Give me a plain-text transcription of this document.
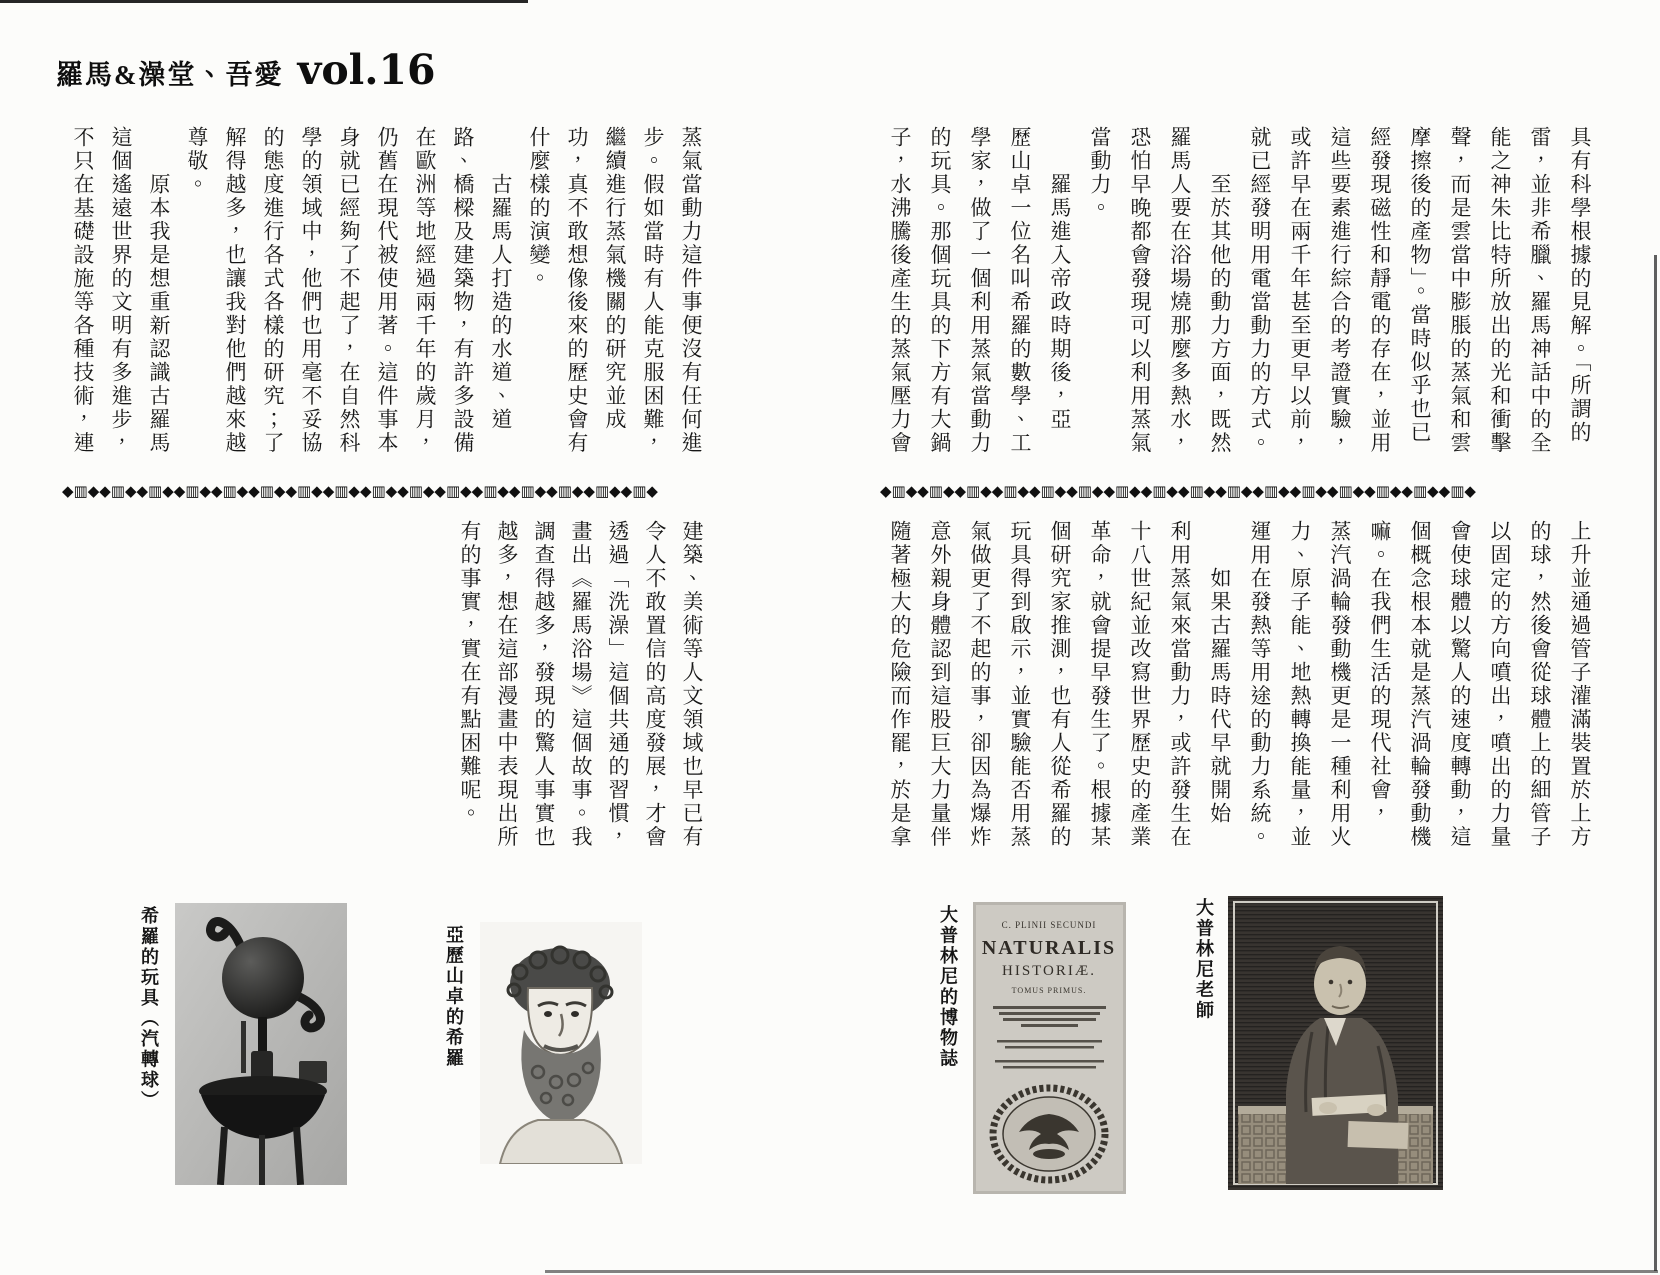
羅馬&澡堂、吾愛 vol.16

具有科學根據的見解。「所謂的

雷，並非希臘、羅馬神話中的全

能之神朱比特所放出的光和衝擊

聲，而是雲當中膨脹的蒸氣和雲

摩擦後的產物」。當時似乎也已

經發現磁性和靜電的存在，並用

這些要素進行綜合的考證實驗，

或許早在兩千年甚至更早以前，

就已經發明用電當動力的方式。

　　至於其他的動力方面，既然

羅馬人要在浴場燒那麼多熱水，

恐怕早晚都會發現可以利用蒸氣

當動力。

　　羅馬進入帝政時期後，亞

歷山卓一位名叫希羅的數學、工

學家，做了一個利用蒸氣當動力

的玩具。那個玩具的下方有大鍋

子，水沸騰後產生的蒸氣壓力會

上升並通過管子灌滿裝置於上方

的球，然後會從球體上的細管子

以固定的方向噴出，噴出的力量

會使球體以驚人的速度轉動，這

個概念根本就是蒸汽渦輪發動機

嘛。在我們生活的現代社會，

蒸汽渦輪發動機更是一種利用火

力、原子能、地熱轉換能量，並

運用在發熱等用途的動力系統。

　　如果古羅馬時代早就開始

利用蒸氣來當動力，或許發生在

十八世紀並改寫世界歷史的產業

革命，就會提早發生了。根據某

個研究家推測，也有人從希羅的

玩具得到啟示，並實驗能否用蒸

氣做更了不起的事，卻因為爆炸

意外親身體認到這股巨大力量伴

隨著極大的危險而作罷，於是拿

蒸氣當動力這件事便沒有任何進

步。假如當時有人能克服困難，

繼續進行蒸氣機關的研究並成

功，真不敢想像後來的歷史會有

什麼樣的演變。

　　古羅馬人打造的水道、道

路、橋樑及建築物，有許多設備

在歐洲等地經過兩千年的歲月，

仍舊在現代被使用著。這件事本

身就已經夠了不起了，在自然科

學的領域中，他們也用毫不妥協

的態度進行各式各樣的研究；了

解得越多，也讓我對他們越來越

尊敬。

　　原本我是想重新認識古羅馬

這個遙遠世界的文明有多進步，

不只在基礎設施等各種技術，連

建築、美術等人文領域也早已有

令人不敢置信的高度發展，才會

透過「洗澡」這個共通的習慣，

畫出《羅馬浴場》這個故事。我

調查得越多，發現的驚人事實也

越多，想在這部漫畫中表現出所

有的事實，實在有點困難呢。

◆▥◆◆▥◆◆▥◆◆▥◆◆▥◆◆▥◆◆▥◆◆▥◆◆▥◆◆▥◆◆▥◆◆▥◆◆▥◆◆▥◆◆▥◆◆▥◆
◆▥◆◆▥◆◆▥◆◆▥◆◆▥◆◆▥◆◆▥◆◆▥◆◆▥◆◆▥◆◆▥◆◆▥◆◆▥◆◆▥◆◆▥◆◆▥◆
希羅的玩具（汽轉球）	亞歷山卓的希羅	大普林尼的博物誌	C. PLINII SECUNDI
NATURALIS
HISTORIÆ.
TOMUS PRIMUS.	大普林尼老師
